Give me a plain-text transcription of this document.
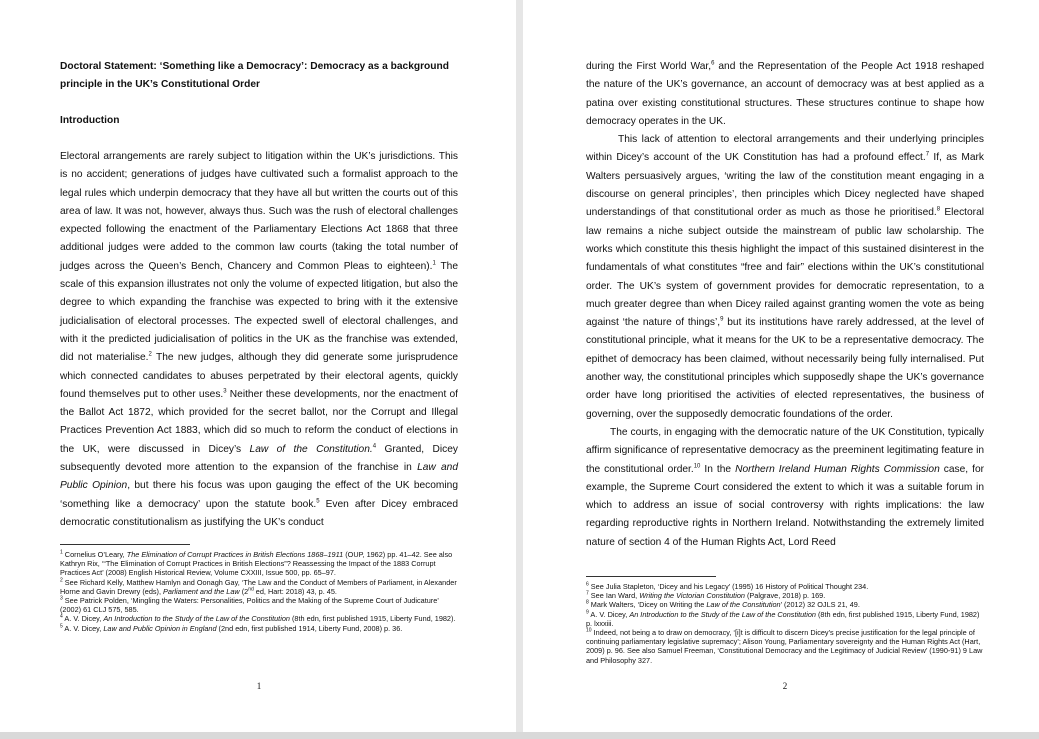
Doctoral Statement: ‘Something like a Democracy’: Democracy as a background principle in the UK’s Constitutional Order

Introduction

Electoral arrangements are rarely subject to litigation within the UK’s jurisdictions. This is no accident; generations of judges have cultivated such a formalist approach to the legal rules which underpin democracy that they have all but written the courts out of this area of law. It was not, however, always thus. Such was the rush of electoral challenges expected following the enactment of the Parliamentary Elections Act 1868 that three additional judges were added to the common law courts (taking the total number of judges across the Queen’s Bench, Chancery and Common Pleas to eighteen).$^1$ The scale of this expansion illustrates not only the volume of expected litigation, but also the degree to which expanding the franchise was expected to bring with it the extensive judicialisation of electoral processes. The expected swell of electoral challenges, and with it the predicted judicialisation of politics in the UK as the franchise was extended, did not materialise.$^2$ The new judges, although they did generate some jurisprudence which connected candidates to abuses perpetrated by their electoral agents, quickly found themselves put to other uses.$^3$ Neither these developments, nor the enactment of the Ballot Act 1872, which provided for the secret ballot, nor the Corrupt and Illegal Practices Prevention Act 1883, which did so much to reform the conduct of elections in the UK, were discussed in Dicey’s Law of the Constitution.$^4$ Granted, Dicey subsequently devoted more attention to the expansion of the franchise in Law and Public Opinion, but there his focus was upon gauging the effect of the UK becoming ‘something like a democracy’ upon the statute book.$^5$ Even after Dicey embraced democratic constitutionalism as justifying the UK’s conduct

$^1$ Cornelius O’Leary, The Elimination of Corrupt Practices in British Elections 1868–1911 (OUP, 1962) pp. 41–42. See also Kathryn Rix, ‘“The Elimination of Corrupt Practices in British Elections”? Reassessing the Impact of the 1883 Corrupt Practices Act’ (2008) English Historical Review, Volume CXXIII, Issue 500, pp. 65–97.

$^2$ See Richard Kelly, Matthew Hamlyn and Oonagh Gay, ‘The Law and the Conduct of Members of Parliament, in Alexander Horne and Gavin Drewry (eds), Parliament and the Law (2nd ed, Hart: 2018) 43, p. 45.

$^3$ See Patrick Polden, ‘Mingling the Waters: Personalities, Politics and the Making of the Supreme Court of Judicature’ (2002) 61 CLJ 575, 585.

$^4$ A. V. Dicey, An Introduction to the Study of the Law of the Constitution (8th edn, first published 1915, Liberty Fund, 1982).

$^5$ A. V. Dicey, Law and Public Opinion in England (2nd edn, first published 1914, Liberty Fund, 2008) p. 36.

1

during the First World War,$^6$ and the Representation of the People Act 1918 reshaped the nature of the UK’s governance, an account of democracy was at best applied as a patina over existing constitutional structures. These structures continue to shape how democracy operates in the UK.

This lack of attention to electoral arrangements and their underlying principles within Dicey’s account of the UK Constitution has had a profound effect.$^7$ If, as Mark Walters persuasively argues, ‘writing the law of the constitution meant engaging in a discourse on general principles’, then principles which Dicey neglected have shaped understandings of that constitutional order as much as those he prioritised.$^8$ Electoral law remains a niche subject outside the mainstream of public law scholarship. The works which constitute this thesis highlight the impact of this sustained disinterest in the fundamentals of what constitutes “free and fair” elections within the UK’s constitutional order. The UK’s system of government provides for democratic representation, to a much greater degree than when Dicey railed against granting women the vote as being against ‘the nature of things’,$^9$ but its institutions have rarely addressed, at the level of constitutional principle, what it means for the UK to be a representative democracy. The epithet of democracy has been claimed, without necessarily being fully internalised. Put another way, the constitutional principles which supposedly shape the UK’s governance order have long prioritised the activities of elected representatives, the business of governing, over the supposedly democratic foundations of the order.

The courts, in engaging with the democratic nature of the UK Constitution, typically affirm significance of representative democracy as the preeminent legitimating feature in the constitutional order.$^{10}$ In the Northern Ireland Human Rights Commission case, for example, the Supreme Court considered the extent to which it was a suitable forum in which to address an issue of social controversy with rights implications: the law regarding reproductive rights in Northern Ireland. Notwithstanding the extremely limited nature of section 4 of the Human Rights Act, Lord Reed

$^6$ See Julia Stapleton, ‘Dicey and his Legacy’ (1995) 16 History of Political Thought 234.

$^7$ See Ian Ward, Writing the Victorian Constitution (Palgrave, 2018) p. 169.

$^8$ Mark Walters, ‘Dicey on Writing the Law of the Constitution’ (2012) 32 OJLS 21, 49.

$^9$ A. V. Dicey, An Introduction to the Study of the Law of the Constitution (8th edn, first published 1915, Liberty Fund, 1982) p. lxxxiii.

$^{10}$ Indeed, not being a to draw on democracy, ‘[i]t is difficult to discern Dicey’s precise justification for the legal principle of continuing parliamentary legislative supremacy’; Alison Young, Parliamentary sovereignty and the Human Rights Act (Hart, 2009) p. 96. See also Samuel Freeman, ‘Constitutional Democracy and the Legitimacy of Judicial Review’ (1990-91) 9 Law and Philosophy 327.

2
